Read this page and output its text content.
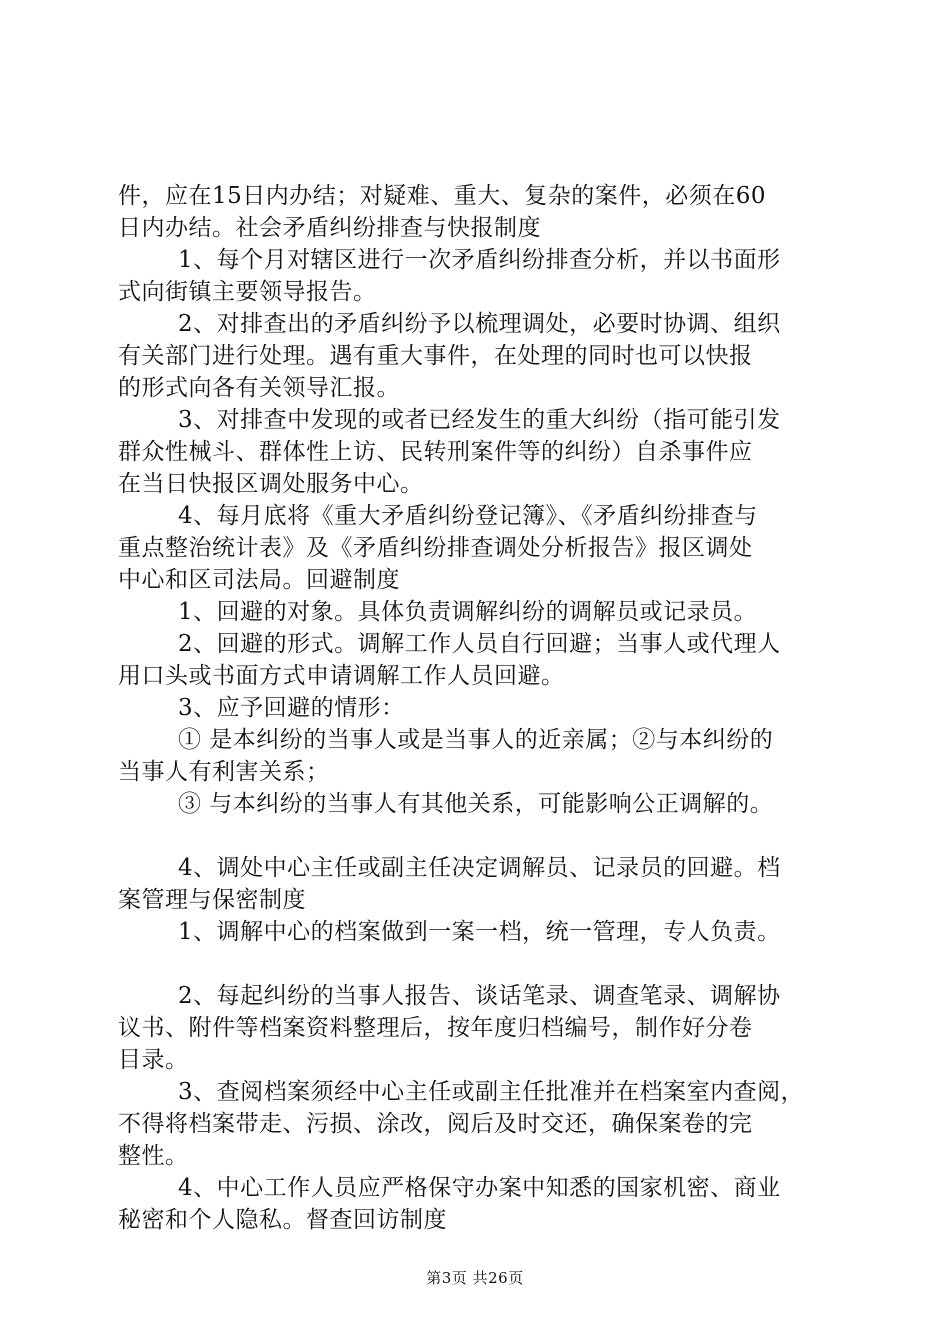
件，应在15日内办结；对疑难、重大、复杂的案件，必须在60
日内办结。社会矛盾纠纷排查与快报制度
1、每个月对辖区进行一次矛盾纠纷排查分析，并以书面形
式向街镇主要领导报告。
2、对排查出的矛盾纠纷予以梳理调处，必要时协调、组织
有关部门进行处理。遇有重大事件，在处理的同时也可以快报
的形式向各有关领导汇报。
3、对排查中发现的或者已经发生的重大纠纷（指可能引发
群众性械斗、群体性上访、民转刑案件等的纠纷）自杀事件应
在当日快报区调处服务中心。
4、每月底将《重大矛盾纠纷登记簿》、《矛盾纠纷排查与
重点整治统计表》及《矛盾纠纷排查调处分析报告》报区调处
中心和区司法局。回避制度
1、回避的对象。具体负责调解纠纷的调解员或记录员。
2、回避的形式。调解工作人员自行回避；当事人或代理人
用口头或书面方式申请调解工作人员回避。
3、应予回避的情形：
① 是本纠纷的当事人或是当事人的近亲属；②与本纠纷的
当事人有利害关系；
③ 与本纠纷的当事人有其他关系，可能影响公正调解的。
4、调处中心主任或副主任决定调解员、记录员的回避。档
案管理与保密制度
1、调解中心的档案做到一案一档，统一管理，专人负责。
2、每起纠纷的当事人报告、谈话笔录、调查笔录、调解协
议书、附件等档案资料整理后，按年度归档编号，制作好分卷
目录。
3、查阅档案须经中心主任或副主任批准并在档案室内查阅，
不得将档案带走、污损、涂改，阅后及时交还，确保案卷的完
整性。
4、中心工作人员应严格保守办案中知悉的国家机密、商业
秘密和个人隐私。督查回访制度
第3页 共26页
